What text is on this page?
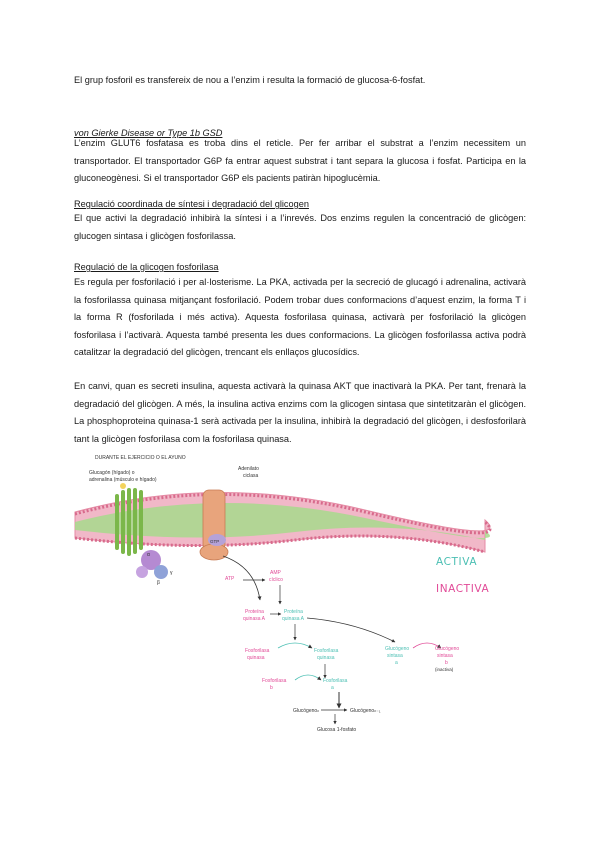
El grup fosforil es transfereix de nou a l’enzim i resulta la formació de glucosa-6-fosfat.

von Gierke Disease or Type 1b GSD

L’enzim GLUT6 fosfatasa es troba dins el reticle. Per fer arribar el substrat a l’enzim necessitem un transportador. El transportador G6P fa entrar aquest substrat i tant separa la glucosa i fosfat. Participa en la gluconeogènesi. Si el transportador G6P els pacients patiràn hipoglucèmia.

Regulació coordinada de síntesi i degradació del glicogen

El que activi la degradació inhibirà la síntesi i a l’inrevés. Dos enzims regulen la concentració de glicògen: glucogen sintasa i glicògen fosforilassa.

Regulació de la glicogen fosforilasa

Es regula per fosforilació i per al·losterisme. La PKA, activada per la secreció de glucagó i adrenalina, activarà la fosforilassa quinasa mitjançant fosforilació. Podem trobar dues conformacions d’aquest enzim, la forma T i la forma R (fosforilada i més activa). Aquesta fosforilasa quinasa, activarà per fosforilació la glicògen fosforilasa i l’activarà. Aquesta també presenta les dues conformacions. La glicògen fosforilassa activa podrà catalitzar la degradació del glicògen, trencant els enllaços glucosídics.

En canvi, quan es secreti insulina, aquesta activarà la quinasa AKT que inactivarà la PKA. Per tant, frenarà la degradació del glicògen. A més, la insulina activa enzims com la glicogen sintasa que sintetitzaràn el glicògen. La phosphoproteina quinasa-1 serà activada per la insulina, inhibirà la degradació del glicògen, i desfosforilarà tant la glicògen fosforilasa com la fosforilasa quinasa.

DURANTE EL EJERCICIO O EL AYUNO
Glucagón (hígado) o
adrenalina (músculo e hígado)
Adenilato
ciclasa
α
β
γ
GTP
ATP
AMP
cíclico
Proteína
quinasa A
Proteína
quinasa A
Fosforilasa
quinasa
Fosforilasa
quinasa
Glucógeno
sintasa
a
Glucógeno
sintasa
b
(inactiva)
Fosforilasa
b
Fosforilasa
a
Glucógenoₙ	Glucógenoₙ₋₁
Glucosa 1-fosfato
ACTIVA
INACTIVA
